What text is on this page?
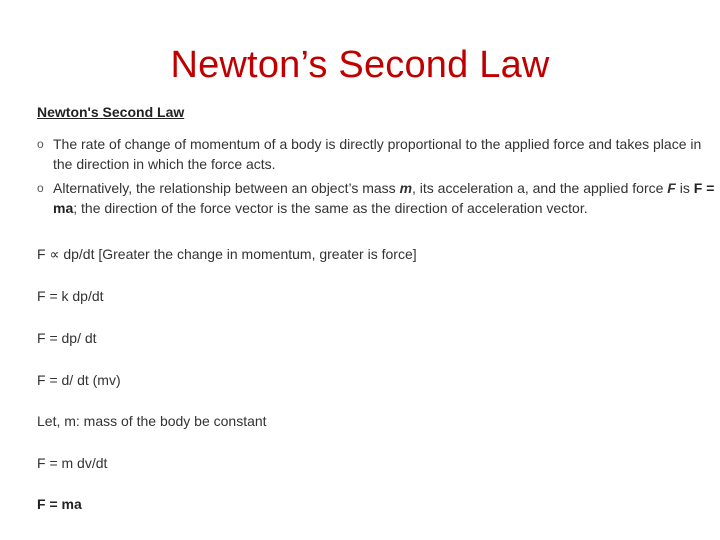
Newton’s Second Law
Newton's Second Law
o The rate of change of momentum of a body is directly proportional to the applied force and takes place in the direction in which the force acts.
o Alternatively, the relationship between an object’s mass m, its acceleration a, and the applied force F is F = ma; the direction of the force vector is the same as the direction of acceleration vector.
F ∝ dp/dt [Greater the change in momentum, greater is force]
F = k dp/dt
F = dp/ dt
F = d/ dt (mv)
Let, m: mass of the body be constant
F = m dv/dt
F = ma
